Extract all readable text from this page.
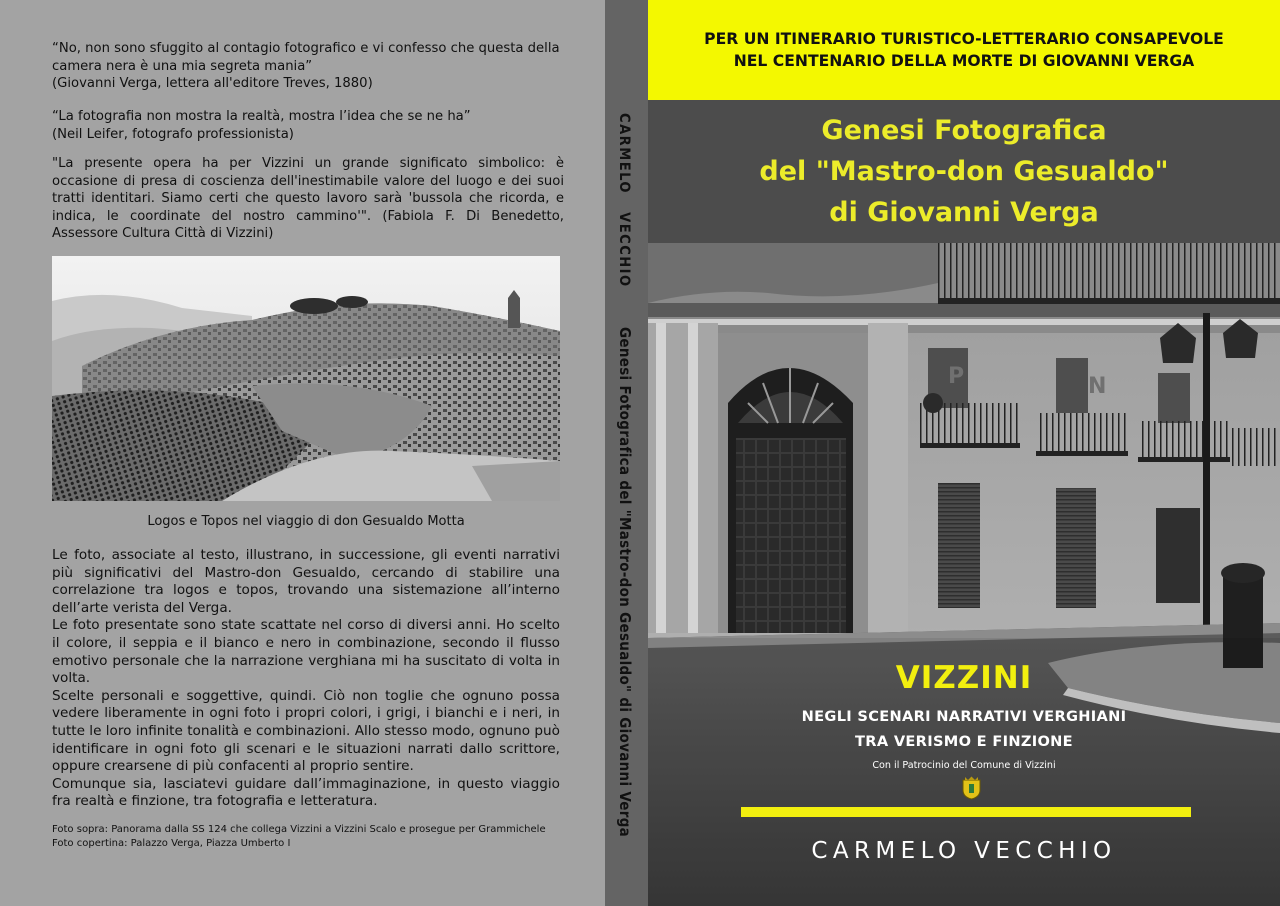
“No, non sono sfuggito al contagio fotografico e vi confesso che questa della camera nera è una mia segreta mania”
(Giovanni Verga, lettera all'editore Treves, 1880)
“La fotografia non mostra la realtà, mostra l’idea che se ne ha”
(Neil Leifer, fotografo professionista)
"La presente opera ha per Vizzini un grande significato simbolico: è occasione di presa di coscienza dell'inestimabile valore del luogo e dei suoi tratti identitari. Siamo certi che questo lavoro sarà 'bussola che ricorda, e indica, le coordinate del nostro cammino'". (Fabiola F. Di Benedetto, Assessore Cultura Città di Vizzini)
Logos e Topos nel viaggio di don Gesualdo Motta

Le foto, associate al testo, illustrano, in successione, gli eventi narrativi più significativi del Mastro-don Gesualdo, cercando di stabilire una correlazione tra logos e topos, trovando una sistemazione all’interno dell’arte verista del Verga.

Le foto presentate sono state scattate nel corso di diversi anni. Ho scelto il colore, il seppia e il bianco e nero in combinazione, secondo il flusso emotivo personale che la narrazione verghiana mi ha suscitato di volta in volta.

Scelte personali e soggettive, quindi. Ciò non toglie che ognuno possa vedere liberamente in ogni foto i propri colori, i grigi, i bianchi e i neri, in tutte le loro infinite tonalità e combinazioni. Allo stesso modo, ognuno può identificare in ogni foto gli scenari e le situazioni narrati dallo scrittore, oppure crearsene di più confacenti al proprio sentire.

Comunque sia, lasciatevi guidare dall’immaginazione, in questo viaggio fra realtà e finzione, tra fotografia e letteratura.

Foto sopra: Panorama dalla SS 124 che collega Vizzini a Vizzini Scalo e prosegue per Grammichele
Foto copertina: Palazzo Verga, Piazza Umberto I
CARMELO   VECCHIO
Genesi Fotografica del "Mastro-don Gesualdo" di Giovanni Verga
PER UN ITINERARIO TURISTICO-LETTERARIO CONSAPEVOLE
NEL CENTENARIO DELLA MORTE DI GIOVANNI VERGA
Genesi Fotografica
del "Mastro-don Gesualdo"
di Giovanni Verga
P	N
VIZZINI
NEGLI SCENARI NARRATIVI VERGHIANI
TRA VERISMO E FINZIONE
Con il Patrocinio del Comune di Vizzini
CARMELO VECCHIO
